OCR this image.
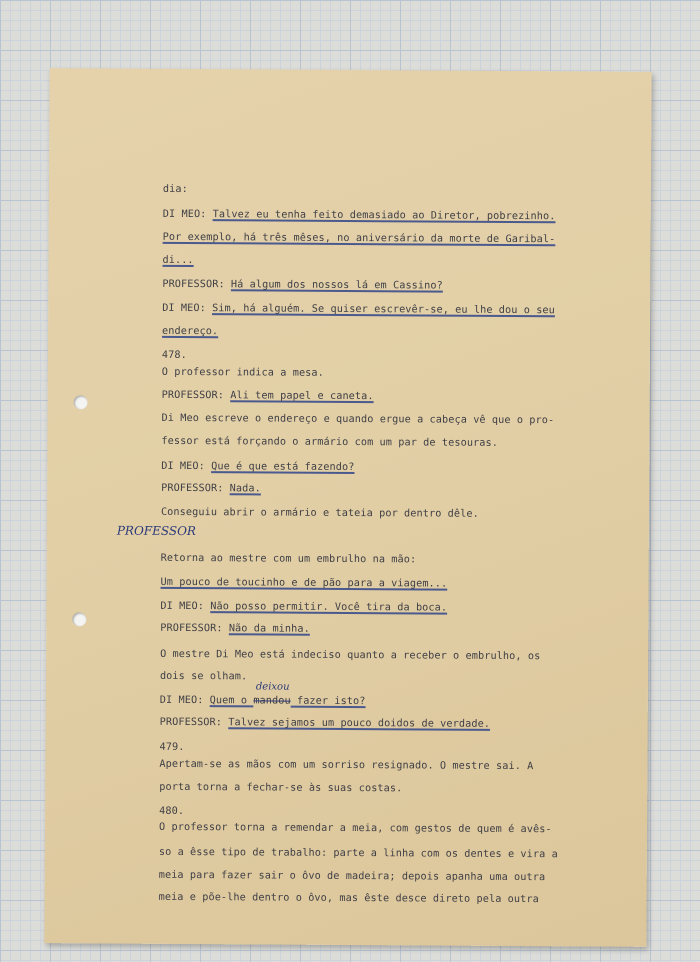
dia:
DI MEO: Talvez eu tenha feito demasiado ao Diretor, pobrezinho.
Por exemplo, há três mêses, no aniversário da morte de Garibal-
di...
PROFESSOR: Há algum dos nossos lá em Cassino?
DI MEO: Sim, há alguém. Se quiser escrevêr-se, eu lhe dou o seu
endereço.
478.
O professor indica a mesa.
PROFESSOR: Ali tem papel e caneta.
Di Meo escreve o endereço e quando ergue a cabeça vê que o pro-
fessor está forçando o armário com um par de tesouras.
DI MEO: Que é que está fazendo?
PROFESSOR: Nada.
Conseguiu abrir o armário e tateia por dentro dêle.
Retorna ao mestre com um embrulho na mão:
Um pouco de toucinho e de pão para a viagem...
DI MEO: Não posso permitir. Você tira da boca.
PROFESSOR: Não da minha.
O mestre Di Meo está indeciso quanto a receber o embrulho, os
dois se olham.
DI MEO: Quem o mandou fazer isto?
PROFESSOR: Talvez sejamos um pouco doidos de verdade.
479.
Apertam-se as mãos com um sorriso resignado. O mestre sai. A
porta torna a fechar-se às suas costas.
480.
O professor torna a remendar a meia, com gestos de quem é avês-
so a êsse tipo de trabalho: parte a linha com os dentes e vira a
meia para fazer sair o ôvo de madeira; depois apanha uma outra
meia e põe-lhe dentro o ôvo, mas êste desce direto pela outra
PROFESSOR
deixou
